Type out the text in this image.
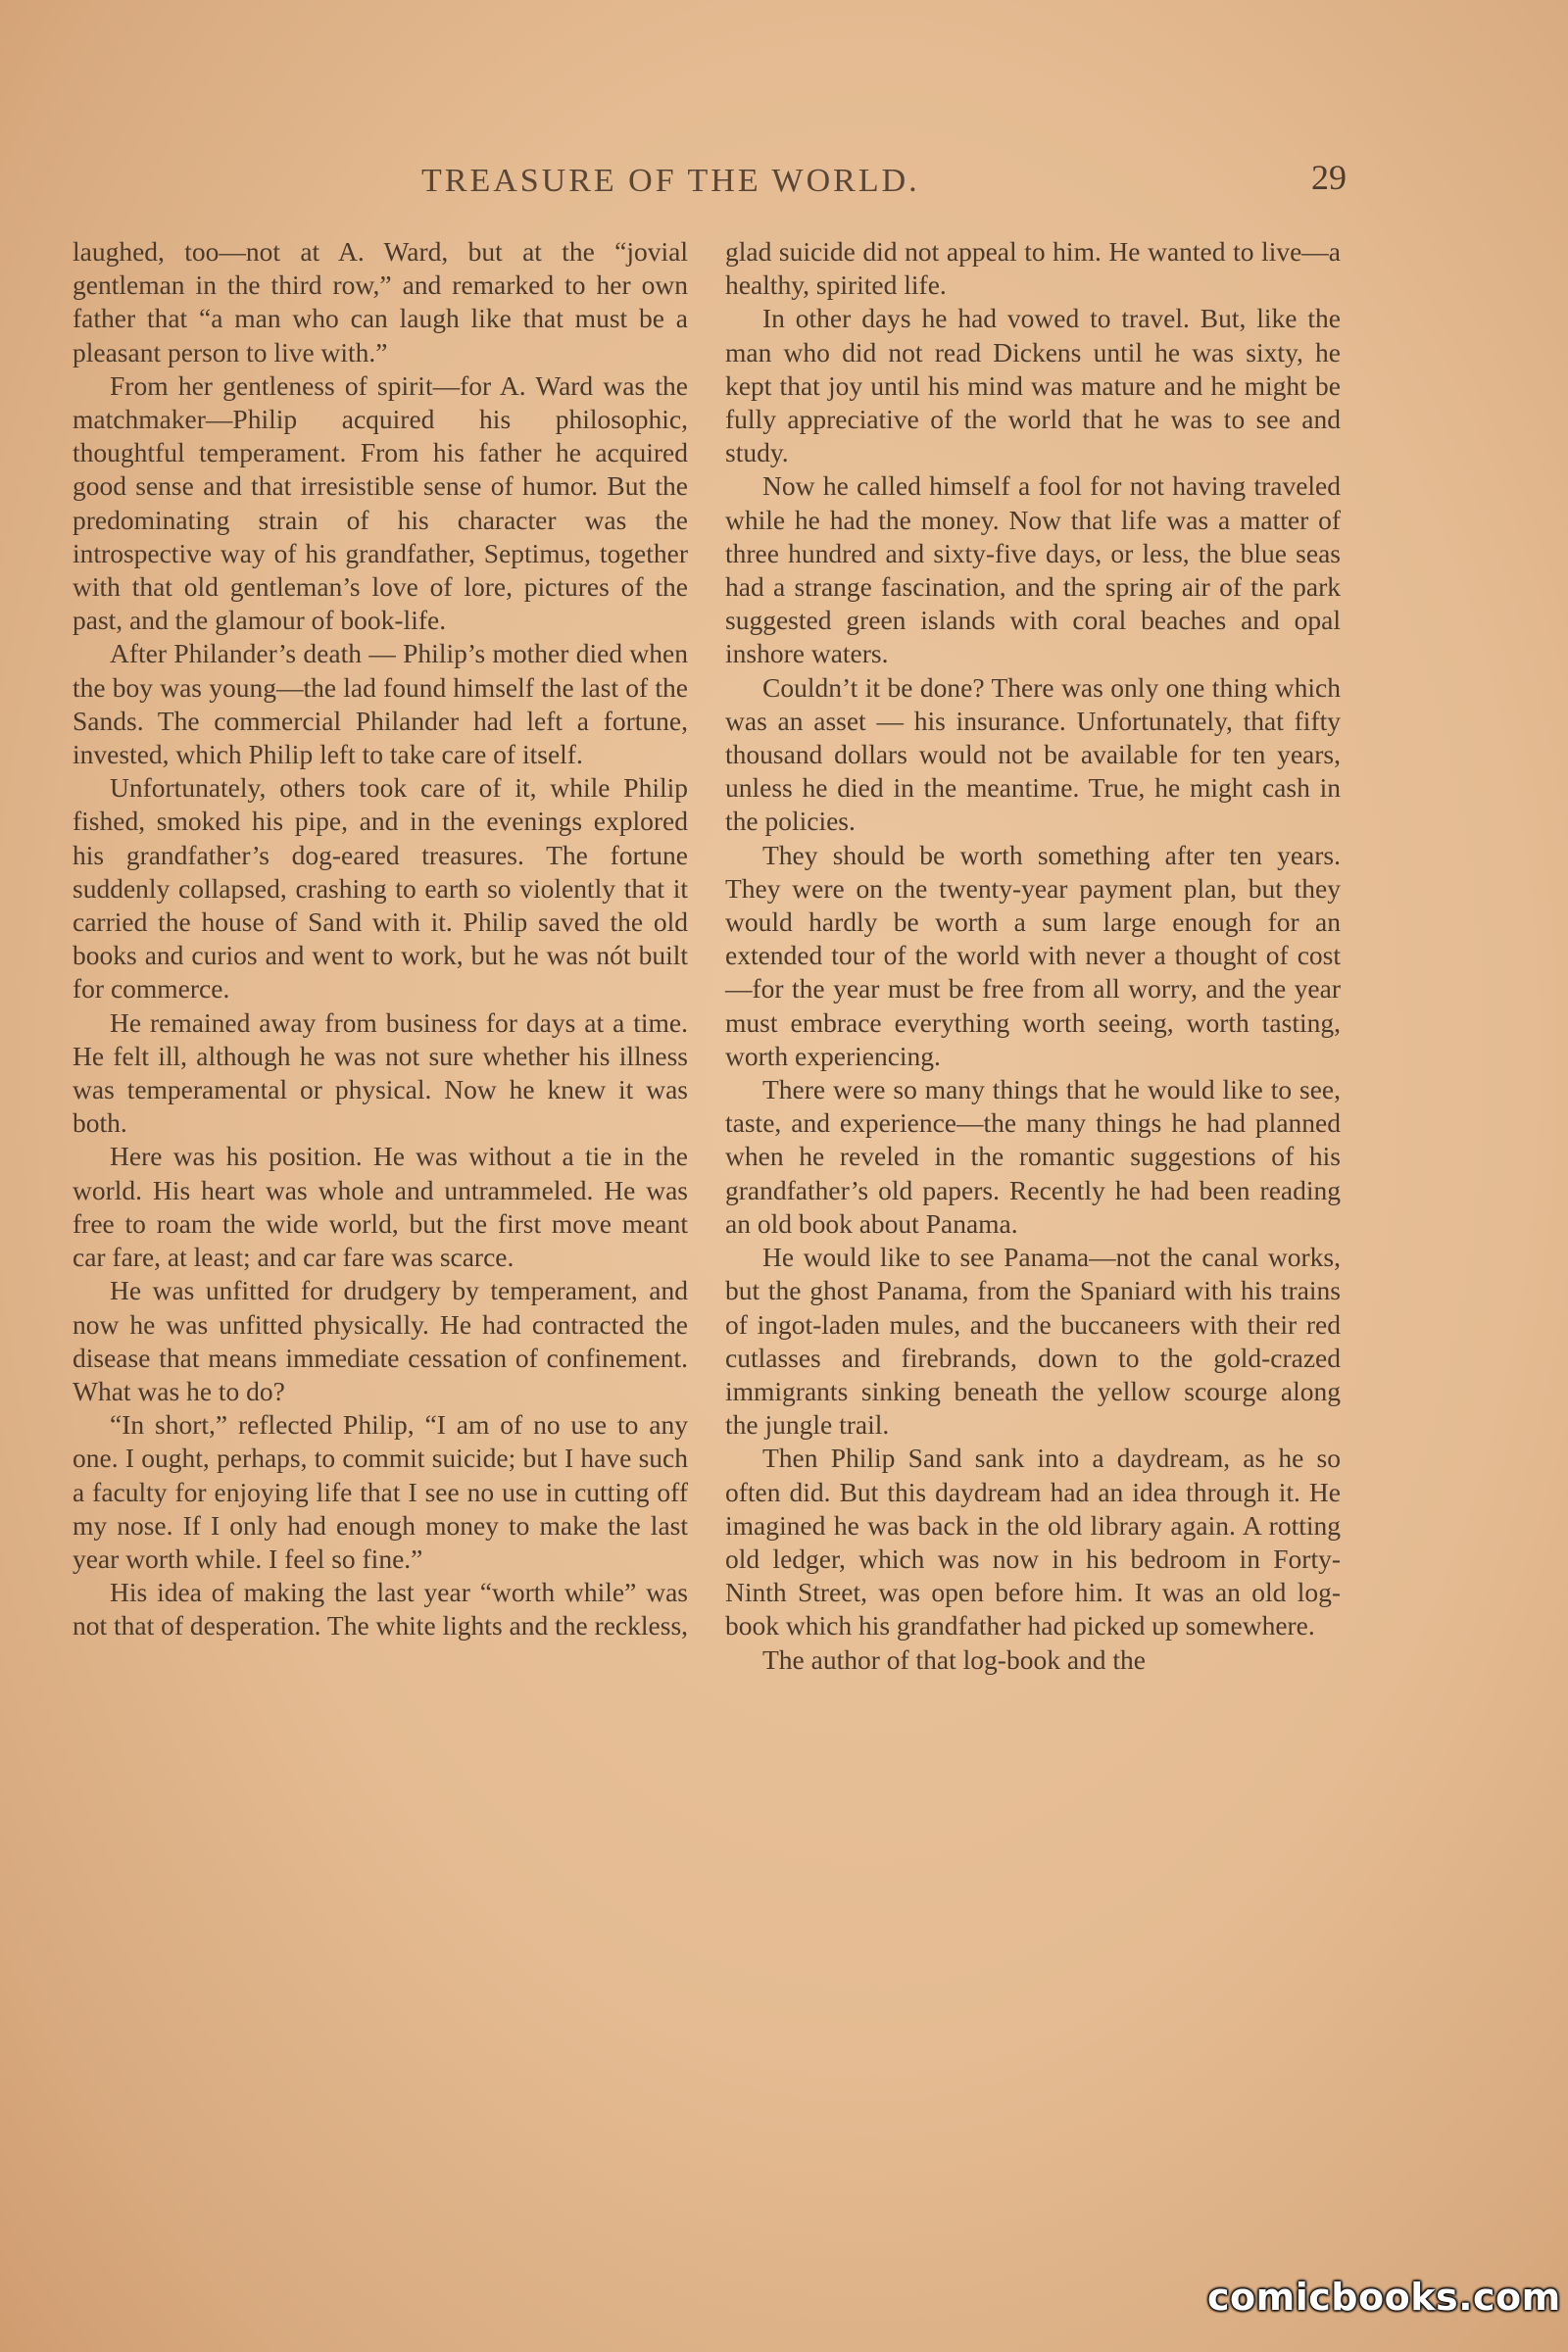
TREASURE OF THE WORLD.	29

laughed, too—not at A. Ward, but at the “jovial gentleman in the third row,” and remarked to her own father that “a man who can laugh like that must be a pleasant person to live with.”

From her gentleness of spirit—for A. Ward was the matchmaker—Philip acquired his philosophic, thoughtful temperament. From his father he acquired good sense and that irresistible sense of humor. But the predominating strain of his character was the introspective way of his grandfather, Septimus, together with that old gentleman’s love of lore, pictures of the past, and the glamour of book-life.

After Philander’s death — Philip’s mother died when the boy was young—the lad found himself the last of the Sands. The commercial Philander had left a fortune, invested, which Philip left to take care of itself.

Unfortunately, others took care of it, while Philip fished, smoked his pipe, and in the evenings explored his grandfather’s dog-eared treasures. The fortune suddenly collapsed, crashing to earth so violently that it carried the house of Sand with it. Philip saved the old books and curios and went to work, but he was nót built for commerce.

He remained away from business for days at a time. He felt ill, although he was not sure whether his illness was temperamental or physical. Now he knew it was both.

Here was his position. He was without a tie in the world. His heart was whole and untrammeled. He was free to roam the wide world, but the first move meant car fare, at least; and car fare was scarce.

He was unfitted for drudgery by temperament, and now he was unfitted physically. He had contracted the disease that means immediate cessation of confinement. What was he to do?

“In short,” reflected Philip, “I am of no use to any one. I ought, perhaps, to commit suicide; but I have such a faculty for enjoying life that I see no use in cutting off my nose. If I only had enough money to make the last year worth while. I feel so fine.”

His idea of making the last year “worth while” was not that of desperation. The white lights and the reckless,

glad suicide did not appeal to him. He wanted to live—a healthy, spirited life.

In other days he had vowed to travel. But, like the man who did not read Dickens until he was sixty, he kept that joy until his mind was mature and he might be fully appreciative of the world that he was to see and study.

Now he called himself a fool for not having traveled while he had the money. Now that life was a matter of three hundred and sixty-five days, or less, the blue seas had a strange fascination, and the spring air of the park suggested green islands with coral beaches and opal inshore waters.

Couldn’t it be done? There was only one thing which was an asset — his insurance. Unfortunately, that fifty thousand dollars would not be available for ten years, unless he died in the meantime. True, he might cash in the policies.

They should be worth something after ten years. They were on the twenty-year payment plan, but they would hardly be worth a sum large enough for an extended tour of the world with never a thought of cost—for the year must be free from all worry, and the year must embrace everything worth seeing, worth tasting, worth experiencing.

There were so many things that he would like to see, taste, and experience—the many things he had planned when he reveled in the romantic suggestions of his grandfather’s old papers. Recently he had been reading an old book about Panama.

He would like to see Panama—not the canal works, but the ghost Panama, from the Spaniard with his trains of ingot-laden mules, and the buccaneers with their red cutlasses and firebrands, down to the gold-crazed immigrants sinking beneath the yellow scourge along the jungle trail.

Then Philip Sand sank into a daydream, as he so often did. But this daydream had an idea through it. He imagined he was back in the old library again. A rotting old ledger, which was now in his bedroom in Forty-Ninth Street, was open before him. It was an old log-book which his grandfather had picked up somewhere.

The author of that log-book and the

comicbooks.com
